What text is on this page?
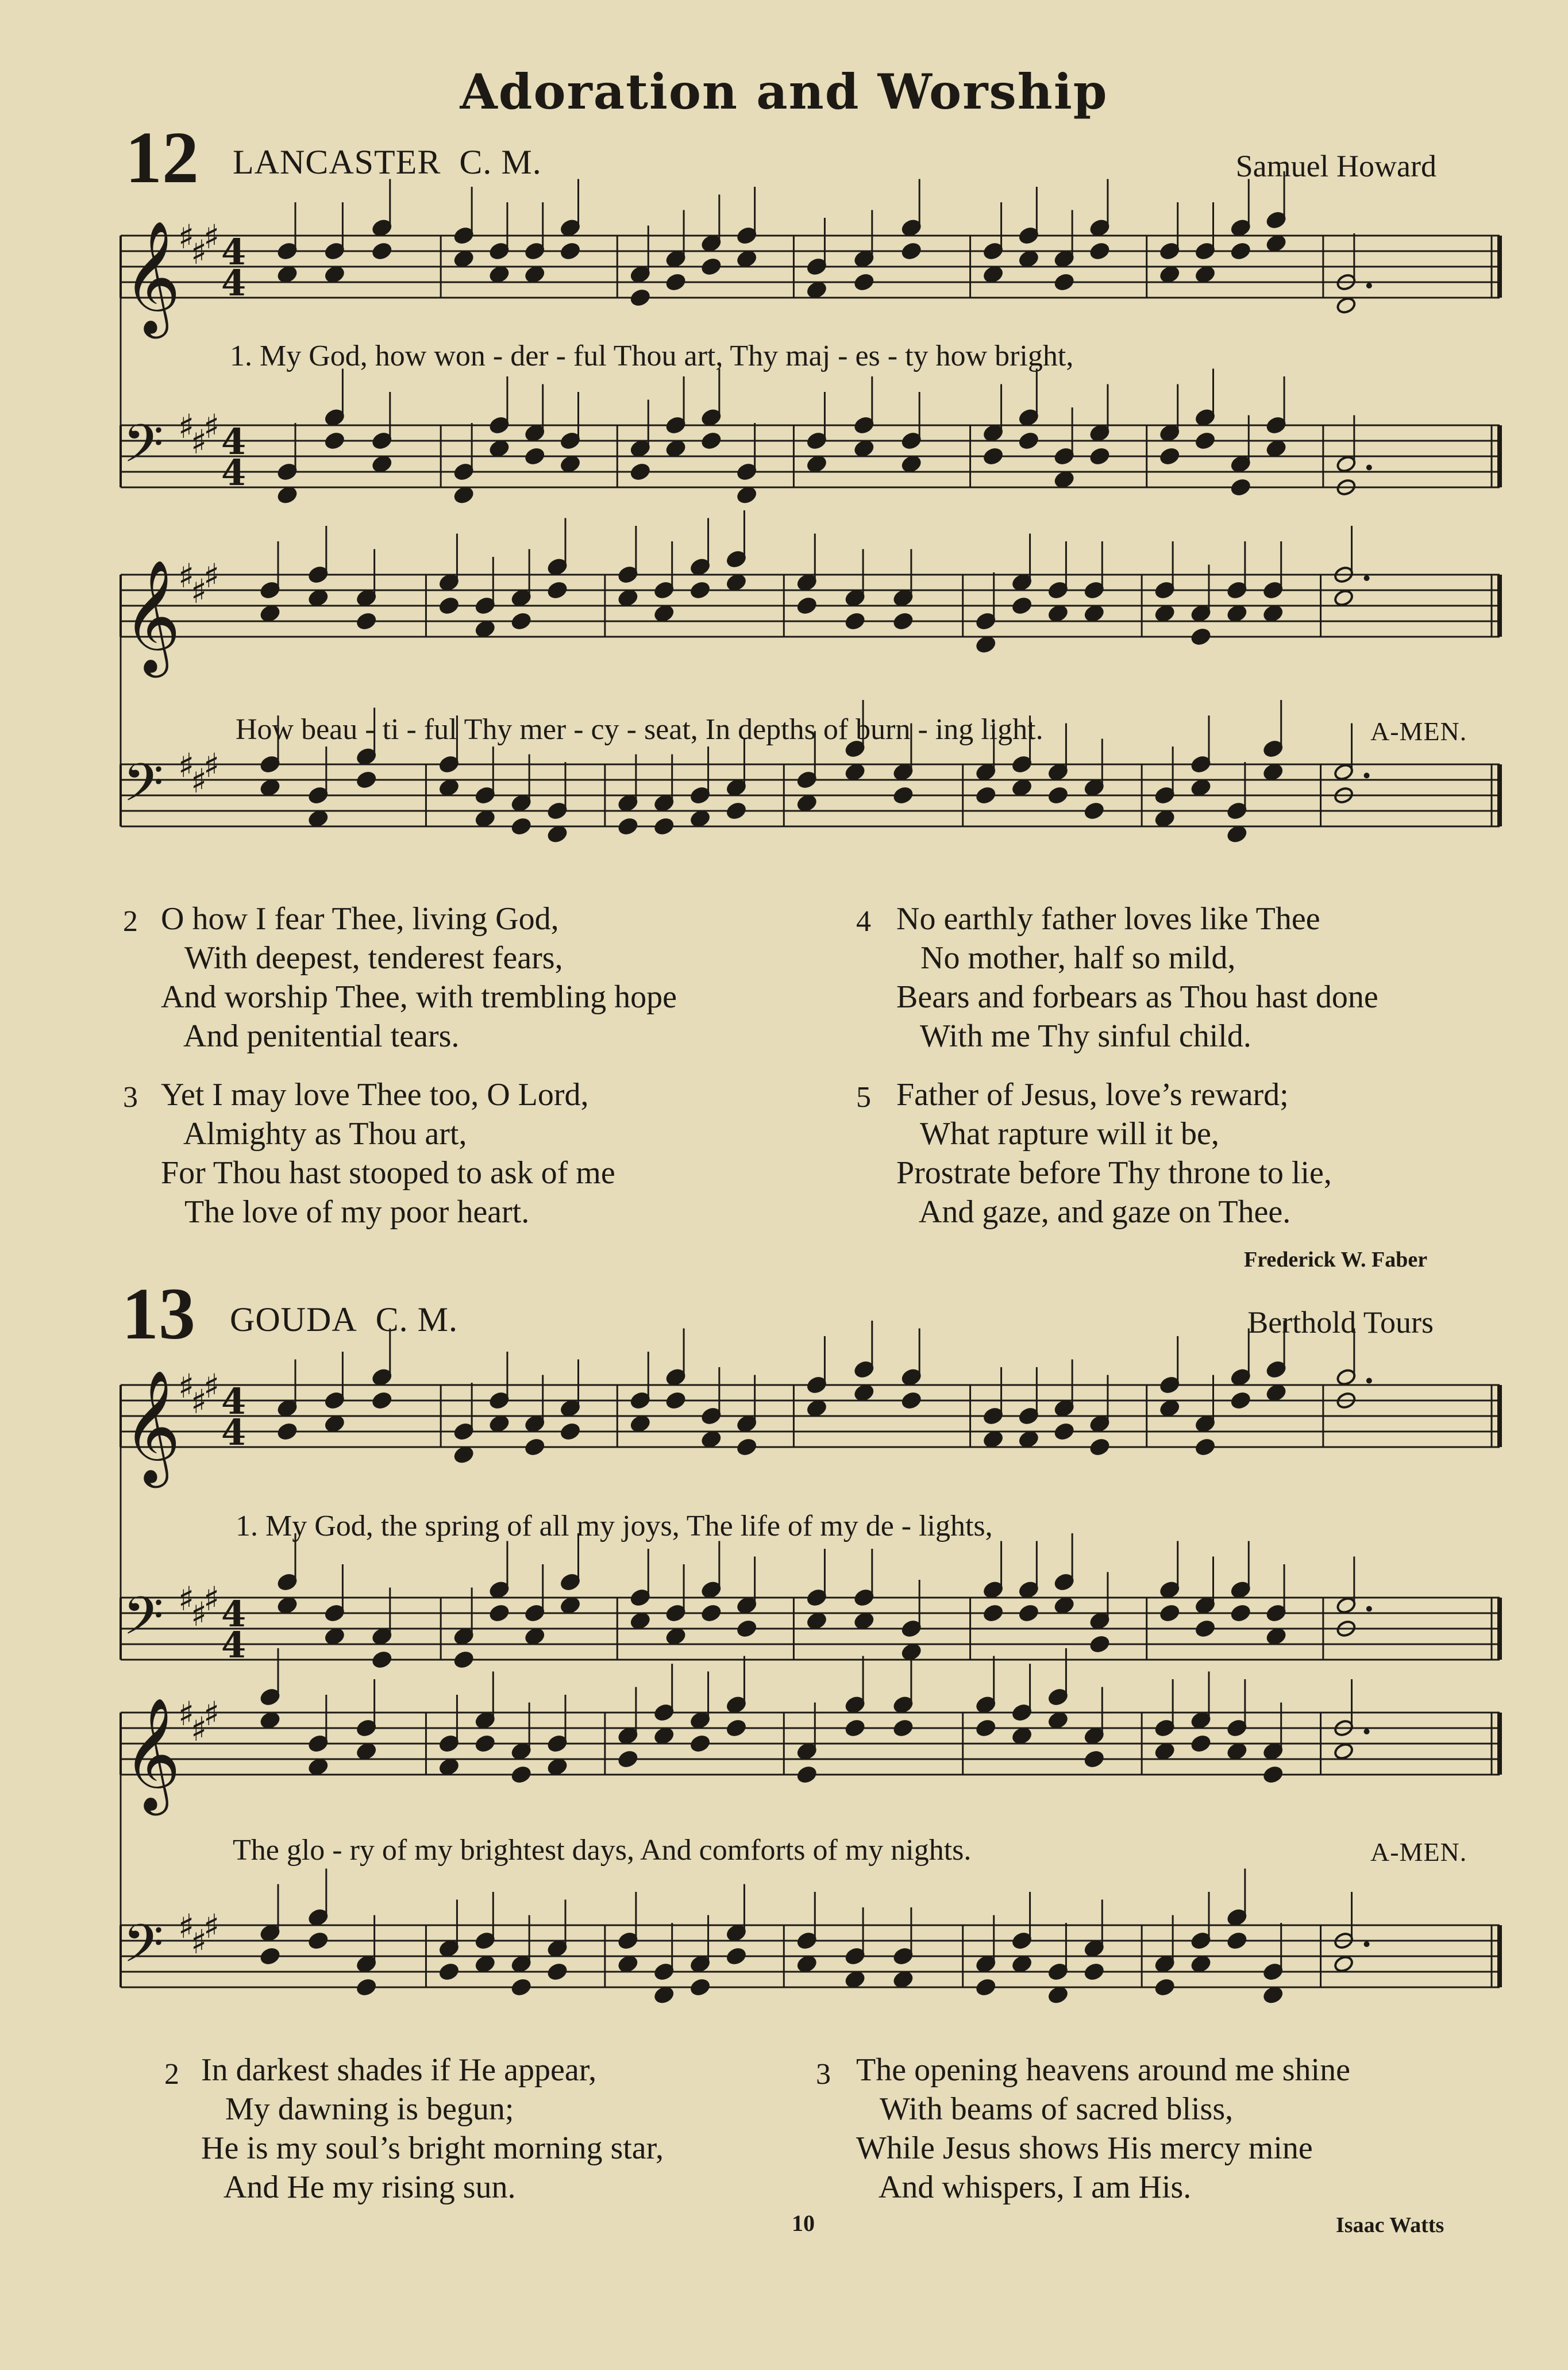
Adoration and Worship
12 LANCASTER C. M.	Samuel Howard
𝄞
♯
♯
♯ 4
4
𝄢 ♯
♯
♯ 4
4
1. My God, how won - der - ful Thou art, Thy maj - es - ty how bright,
𝄞
♯
♯
♯
𝄢 ♯
♯
♯
How beau - ti - ful Thy mer - cy - seat, In depths of burn - ing light.	A-MEN.
2 O how I fear Thee, living God,
With deepest, tenderest fears,
And worship Thee, with trembling hope
And penitential tears.
3 Yet I may love Thee too, O Lord,
Almighty as Thou art,
For Thou hast stooped to ask of me
The love of my poor heart.
4 No earthly father loves like Thee
No mother, half so mild,
Bears and forbears as Thou hast done
With me Thy sinful child.
5 Father of Jesus, love’s reward;
What rapture will it be,
Prostrate before Thy throne to lie,
And gaze, and gaze on Thee.
Frederick W. Faber
13 GOUDA C. M.	Berthold Tours
𝄞
♯
♯
♯ 4
4
𝄢 ♯
♯
♯ 4
4
1. My God, the spring of all my joys, The life of my de - lights,
𝄞
♯
♯
♯
𝄢 ♯
♯
♯
The glo - ry of my brightest days, And comforts of my nights.	A-MEN.
2 In darkest shades if He appear,
My dawning is begun;
He is my soul’s bright morning star,
And He my rising sun.
3 The opening heavens around me shine
With beams of sacred bliss,
While Jesus shows His mercy mine
And whispers, I am His.
10	Isaac Watts
